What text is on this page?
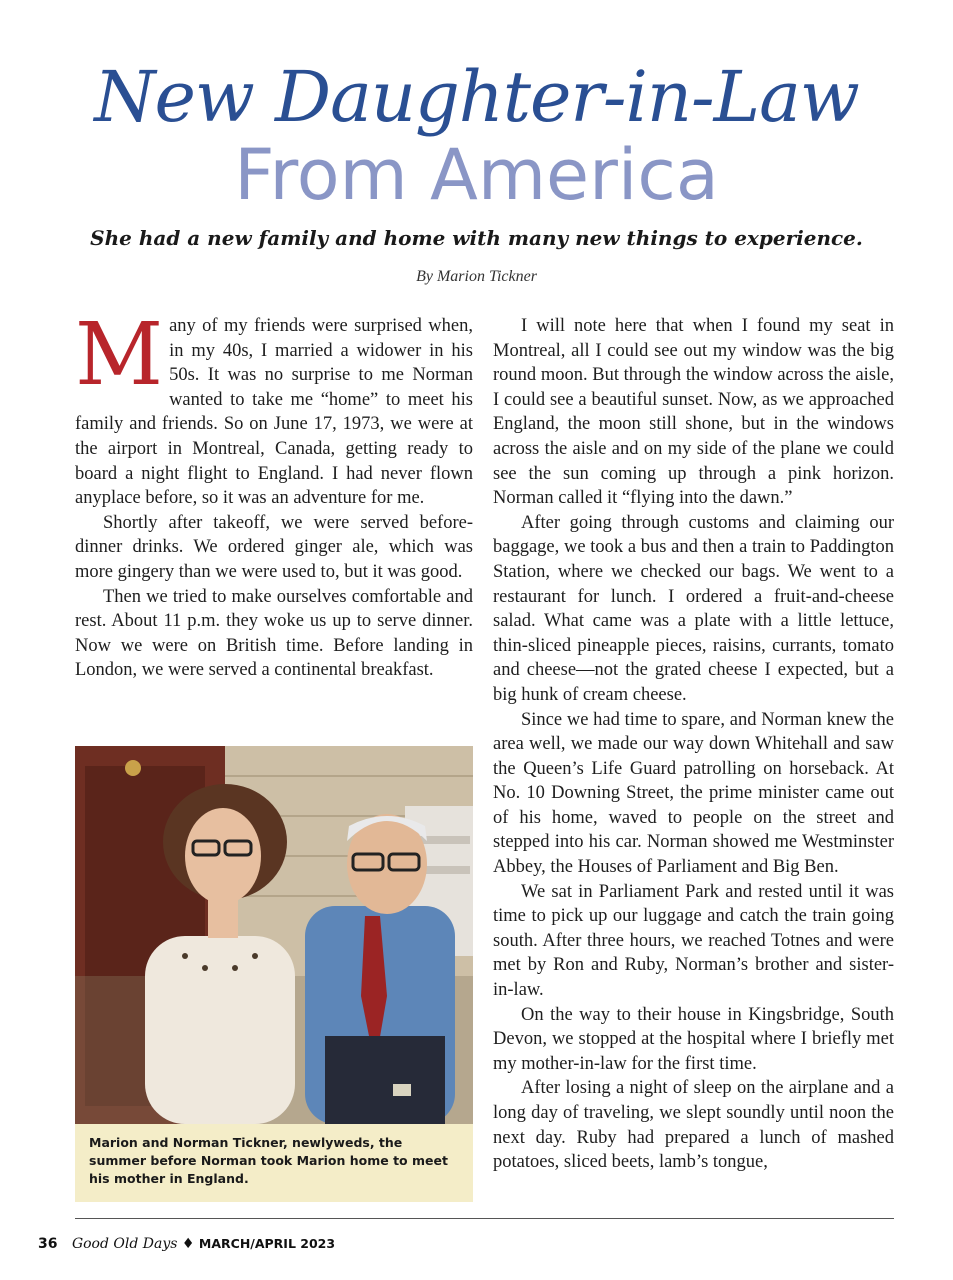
New Daughter-in-Law
From America
She had a new family and home with many new things to experience.
By Marion Tickner

Many of my friends were surprised when, in my 40s, I married a widower in his 50s. It was no surprise to me Norman wanted to take me “home” to meet his family and friends. So on June 17, 1973, we were at the airport in Montreal, Canada, getting ready to board a night flight to England. I had never flown anyplace before, so it was an adventure for me.

Shortly after takeoff, we were served before-dinner drinks. We ordered ginger ale, which was more gingery than we were used to, but it was good.

Then we tried to make ourselves comfortable and rest. About 11 p.m. they woke us up to serve dinner. Now we were on British time. Before landing in London, we were served a continental breakfast.

Marion and Norman Tickner, newlyweds, the summer before Norman took Marion home to meet his mother in England.

I will note here that when I found my seat in Montreal, all I could see out my window was the big round moon. But through the window across the aisle, I could see a beautiful sunset. Now, as we approached England, the moon still shone, but in the windows across the aisle and on my side of the plane we could see the sun coming up through a pink horizon. Norman called it “flying into the dawn.”

After going through customs and claiming our baggage, we took a bus and then a train to Paddington Station, where we checked our bags. We went to a restaurant for lunch. I ordered a fruit-and-cheese salad. What came was a plate with a little lettuce, thin-sliced pineapple pieces, raisins, currants, tomato and cheese—not the grated cheese I expected, but a big hunk of cream cheese.

Since we had time to spare, and Norman knew the area well, we made our way down Whitehall and saw the Queen’s Life Guard patrolling on horseback. At No. 10 Downing Street, the prime minister came out of his home, waved to people on the street and stepped into his car. Norman showed me Westminster Abbey, the Houses of Parliament and Big Ben.

We sat in Parliament Park and rested until it was time to pick up our luggage and catch the train going south. After three hours, we reached Totnes and were met by Ron and Ruby, Norman’s brother and sister-in-law.

On the way to their house in Kingsbridge, South Devon, we stopped at the hospital where I briefly met my mother-in-law for the first time.

After losing a night of sleep on the airplane and a long day of traveling, we slept soundly until noon the next day. Ruby had prepared a lunch of mashed potatoes, sliced beets, lamb’s tongue,

36 Good Old Days ♦ MARCH/APRIL 2023
